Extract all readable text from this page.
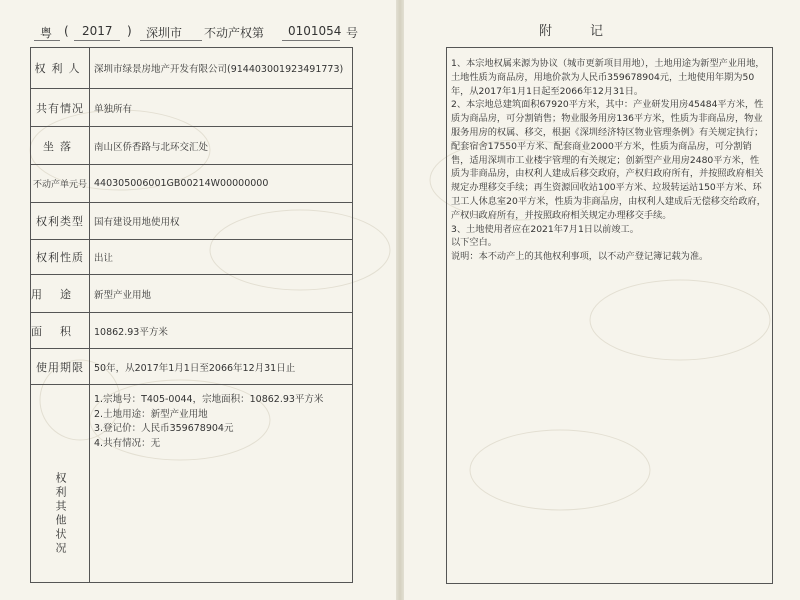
粤 ( 2017 ) 深圳市 不动产权第 0101054 号
权利人	深圳市绿景房地产开发有限公司(914403001923491773)
共有情况	单独所有
坐落	南山区侨香路与北环交汇处
不动产单元号	440305006001GB00214W00000000
权利类型	国有建设用地使用权
权利性质	出让
用途	新型产业用地
面积	10862.93平方米
使用期限	50年，从2017年1月1日至2066年12月31日止

权利其他状况	1.宗地号：T405-0044，宗地面积：10862.93平方米
2.土地用途：新型产业用地
3.登记价：人民币359678904元
4.共有情况：无
附记

1、本宗地权属来源为协议（城市更新项目用地），土地用途为新型产业用地，土地性质为商品房，用地价款为人民币359678904元，土地使用年期为50年，从2017年1月1日起至2066年12月31日。

2、本宗地总建筑面积67920平方米，其中：产业研发用房45484平方米，性质为商品房，可分割销售；物业服务用房136平方米，性质为非商品房，物业服务用房的权属、移交，根据《深圳经济特区物业管理条例》有关规定执行；配套宿舍17550平方米、配套商业2000平方米，性质为商品房，可分割销售，适用深圳市工业楼宇管理的有关规定；创新型产业用房2480平方米，性质为非商品房，由权利人建成后移交政府，产权归政府所有，并按照政府相关规定办理移交手续；再生资源回收站100平方米、垃圾转运站150平方米、环卫工人休息室20平方米，性质为非商品房，由权利人建成后无偿移交给政府，产权归政府所有，并按照政府相关规定办理移交手续。

3、土地使用者应在2021年7月1日以前竣工。

以下空白。

说明：本不动产上的其他权利事项，以不动产登记簿记载为准。
